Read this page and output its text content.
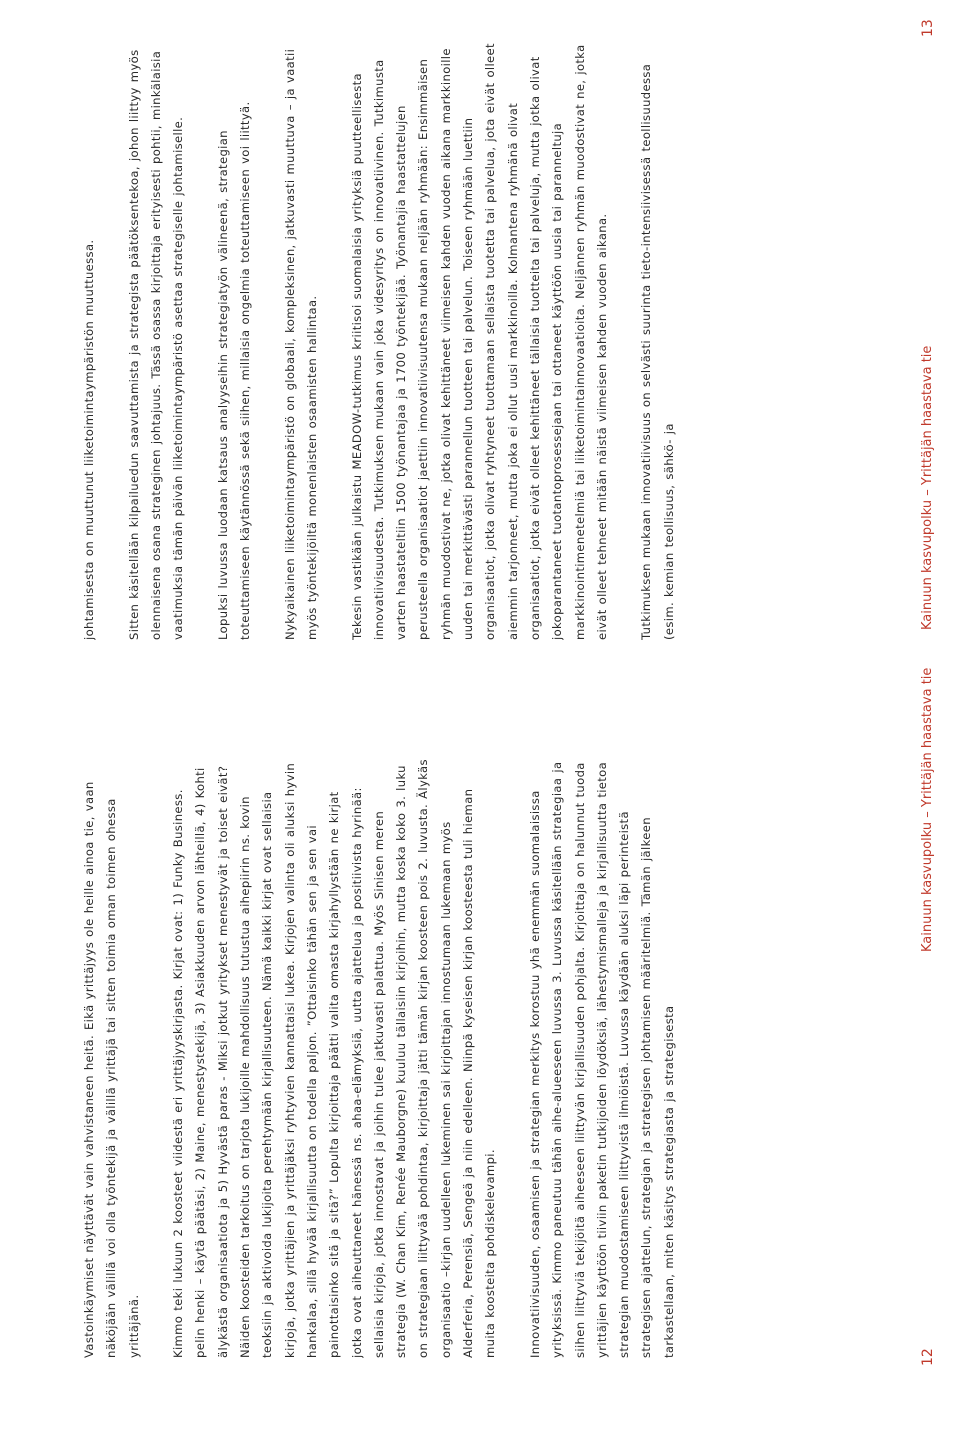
Vastoinkäymiset näyttävät vain vahvistaneen heitä. Eikä yrittäjyys ole heille ainoa tie, vaan näköjään välillä voi olla työntekijä ja välillä yrittäjä tai sitten toimia oman toimen ohessa yrittäjänä.	Kimmo teki lukuun 2 koosteet viidestä eri yrittäjyyskirjasta. Kirjat ovat: 1) Funky Business. pelin henki – käytä päätäsi, 2) Maine, menestystekijä, 3) Asiakkuuden arvon lähteillä, 4) Kohti älykästä organisaatiota ja 5) Hyvästä paras - Miksi jotkut yritykset menestyvät ja toiset eivät? Näiden koosteiden tarkoitus on tarjota lukijoille mahdollisuus tutustua aihepiirin ns. kovin teoksiin ja aktivoida lukijoita perehtymään kirjallisuuteen. Nämä kaikki kirjat ovat sellaisia kirjoja, jotka yrittäjien ja yrittäjäksi ryhtyvien kannattaisi lukea. Kirjojen valinta oli aluksi hyvin hankalaa, sillä hyvää kirjallisuutta on todella paljon. ”Ottaisinko tähän sen ja sen vai painottaisinko sitä ja sitä?” Lopulta kirjoittaja päätti valita omasta kirjahyllystään ne kirjat jotka ovat aiheuttaneet hänessä ns. ahaa-elämyksiä, uutta ajattelua ja positiivista hyrinää: sellaisia kirjoja, jotka innostavat ja joihin tulee jatkuvasti palattua. Myös Sinisen meren strategia (W. Chan Kim, Renée Mauborgne) kuuluu tällaisiin kirjoihin, mutta koska koko 3. luku on strategiaan liittyvää pohdintaa, kirjoittaja jätti tämän kirjan koosteen pois 2. luvusta. Älykäs organisaatio –kirjan uudelleen lukeminen sai kirjoittajan innostumaan lukemaan myös Alderferia, Perensiä, Sengeä ja niin edelleen. Niinpä kyseisen kirjan koosteesta tuli hieman muita koosteita pohdiskelevampi.	Innovatiivisuuden, osaamisen ja strategian merkitys korostuu yhä enemmän suomalaisissa yrityksissä. Kimmo paneutuu tähän aihe-alueeseen luvussa 3. Luvussa käsitellään strategiaa ja siihen liittyviä tekijöitä aiheeseen liittyvän kirjallisuuden pohjalta. Kirjoittaja on halunnut tuoda yrittäjien käyttöön tiiviin paketin tutkijoiden löydöksiä, lähestymismalleja ja kirjallisuutta tietoa strategian muodostamiseen liittyvistä ilmiöistä. Luvussa käydään aluksi läpi perinteistä strategisen ajattelun, strategian ja strategisen johtamisen määritelmiä. Tämän jälkeen tarkastellaan, miten käsitys strategiasta ja strategisesta	12
Kainuun kasvupolku – Yrittäjän haastava tie

johtamisesta on muuttunut liiketoimintaympäristön muuttuessa.	Sitten käsitellään kilpailuedun saavuttamista ja strategista päätöksentekoa, johon liittyy myös olennaisena osana strateginen johtajuus. Tässä osassa kirjoittaja erityisesti pohtii, minkälaisia vaatimuksia tämän päivän liiketoimintaympäristö asettaa strategiselle johtamiselle.	Lopuksi luvussa luodaan katsaus analyyseihin strategiatyön välineenä, strategian toteuttamiseen käytännössä sekä siihen, millaisia ongelmia toteuttamiseen voi liittyä.	Nykyaikainen liiketoimintaympäristö on globaali, kompleksinen, jatkuvasti muuttuva – ja vaatii myös työntekijöiltä monenlaisten osaamisten hallintaa.	Tekesin vastikään julkaistu MEADOW-tutkimus kriitisoi suomalaisia yrityksiä puutteellisesta innovatiivisuudesta. Tutkimuksen mukaan vain joka videsyritys on innovatiivinen. Tutkimusta varten haastateltiin 1500 työnantajaa ja 1700 työntekijää. Työnantajia haastattelujen perusteella organisaatiot jaettiin innovatiivisuutensa mukaan neljään ryhmään: Ensimmäisen ryhmän muodostivat ne, jotka olivat kehittäneet viimeisen kahden vuoden aikana markkinoille uuden tai merkittävästi parannellun tuotteen tai palvelun. Toiseen ryhmään luettiin organisaatiot, jotka olivat ryhtyneet tuottamaan sellaista tuotetta tai palvelua, jota eivät olleet aiemmin tarjonneet, mutta joka ei ollut uusi markkinoilla. Kolmantena ryhmänä olivat organisaatiot, jotka eivät olleet kehittäneet tällaisia tuotteita tai palveluja, mutta jotka olivat jokoparantaneet tuotantoprosessejaan tai ottaneet käyttöön uusia tai paranneltuja markkinointimenetelmiä tai liiketoimintainnovaatioita. Neljännen ryhmän muodostivat ne, jotka eivät olleet tehneet mitään näistä viimeisen kahden vuoden aikana.	Tutkimuksen mukaan innovatiivisuus on selvästi suurinta tieto-intensiivisessä teollisuudessa (esim. kemian teollisuus, sähkö- ja	Kainuun kasvupolku – Yrittäjän haastava tie
13
